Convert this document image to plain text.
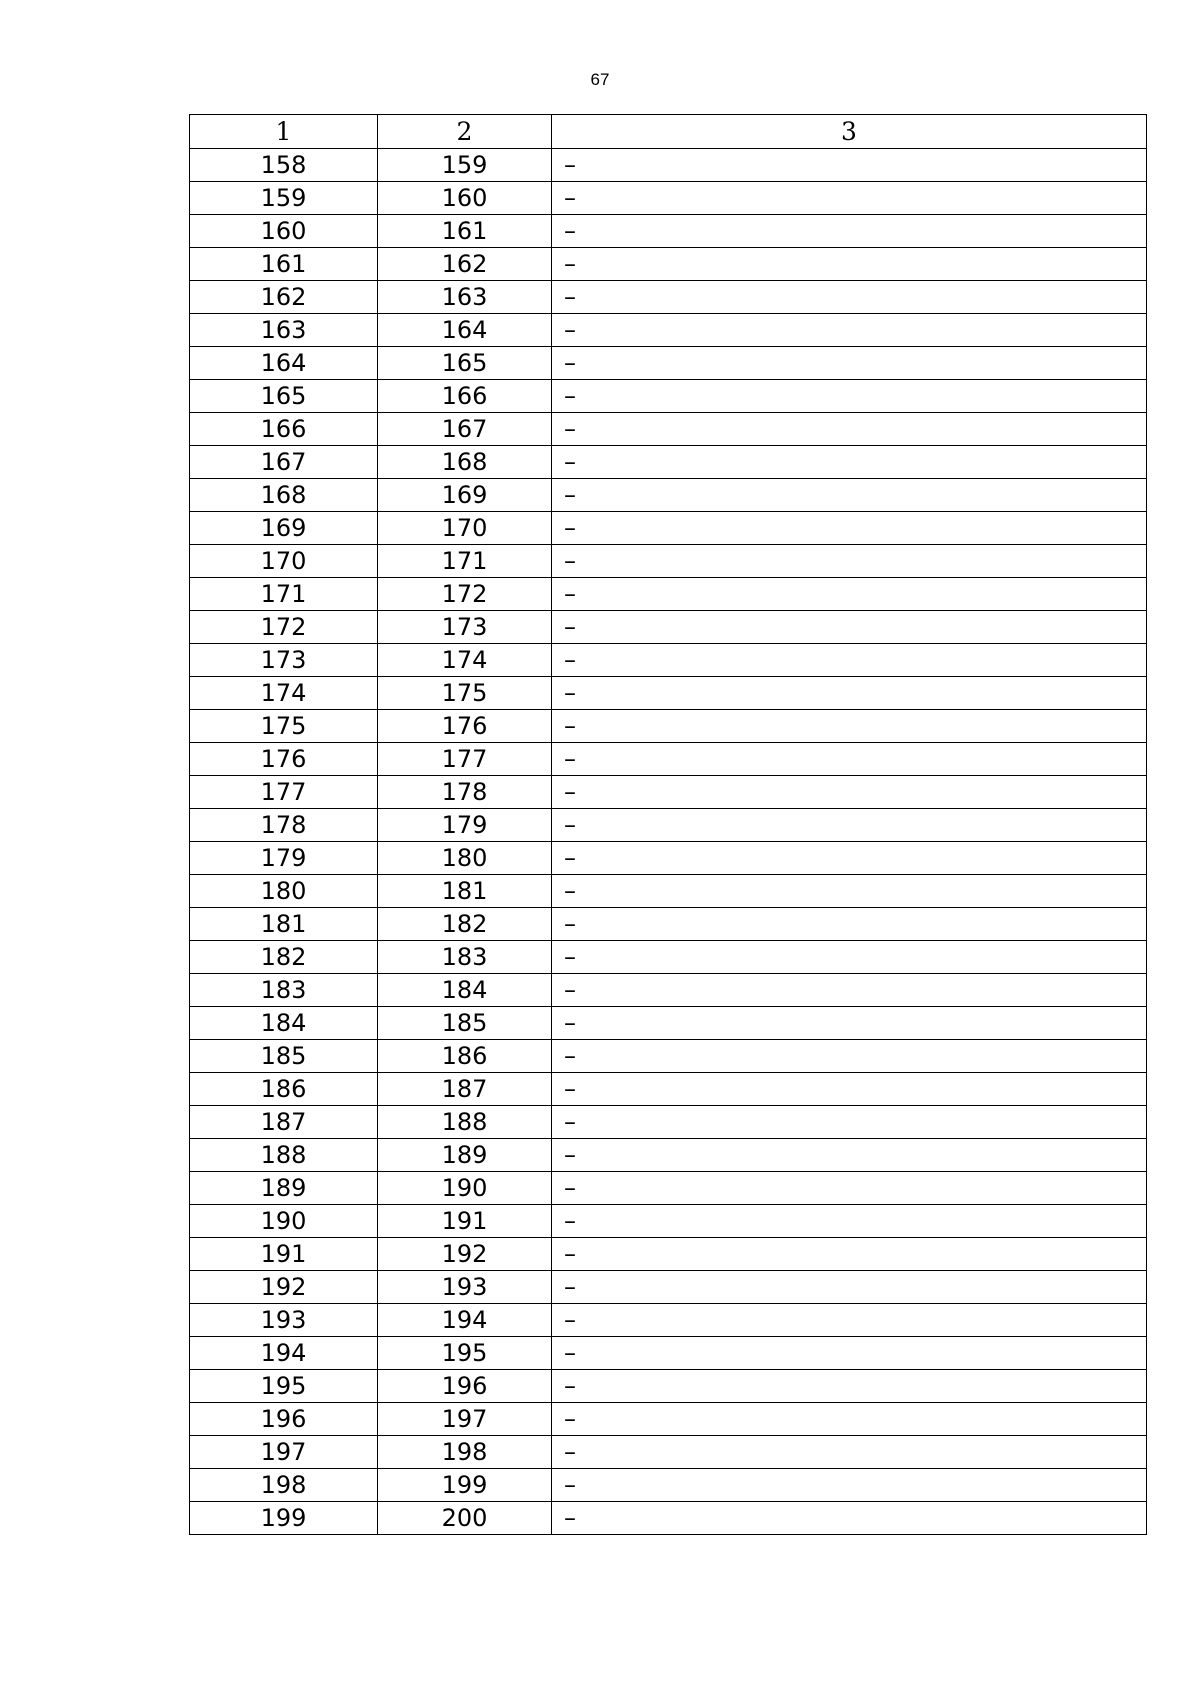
67
1	2	3
158	159	–
159	160	–
160	161	–
161	162	–
162	163	–
163	164	–
164	165	–
165	166	–
166	167	–
167	168	–
168	169	–
169	170	–
170	171	–
171	172	–
172	173	–
173	174	–
174	175	–
175	176	–
176	177	–
177	178	–
178	179	–
179	180	–
180	181	–
181	182	–
182	183	–
183	184	–
184	185	–
185	186	–
186	187	–
187	188	–
188	189	–
189	190	–
190	191	–
191	192	–
192	193	–
193	194	–
194	195	–
195	196	–
196	197	–
197	198	–
198	199	–
199	200	–
